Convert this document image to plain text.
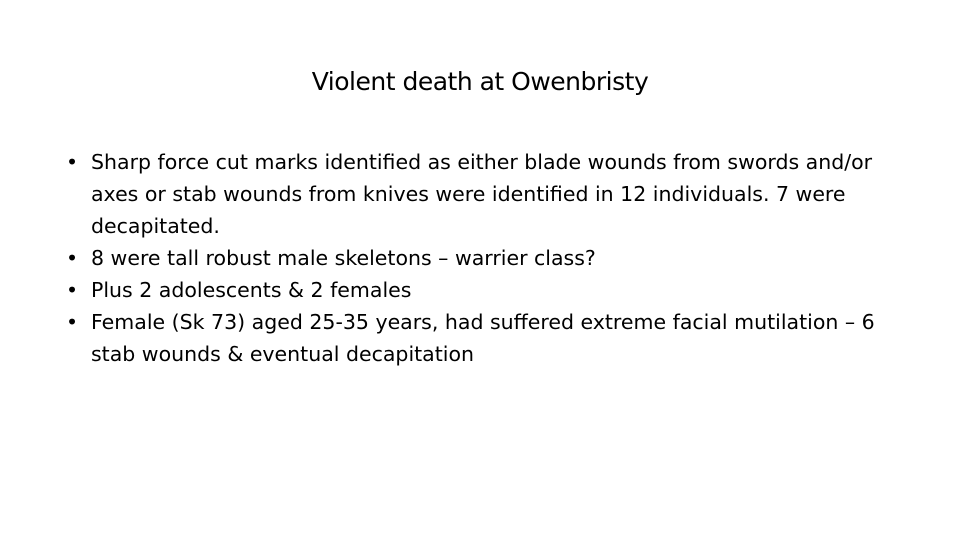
Violent death at Owenbristy
• Sharp force cut marks identified as either blade wounds from swords and/or axes or stab wounds from knives were identified in 12 individuals. 7 were decapitated.
• 8 were tall robust male skeletons – warrier class?
• Plus 2 adolescents & 2 females
• Female (Sk 73) aged 25-35 years, had suffered extreme facial mutilation – 6 stab wounds & eventual decapitation
